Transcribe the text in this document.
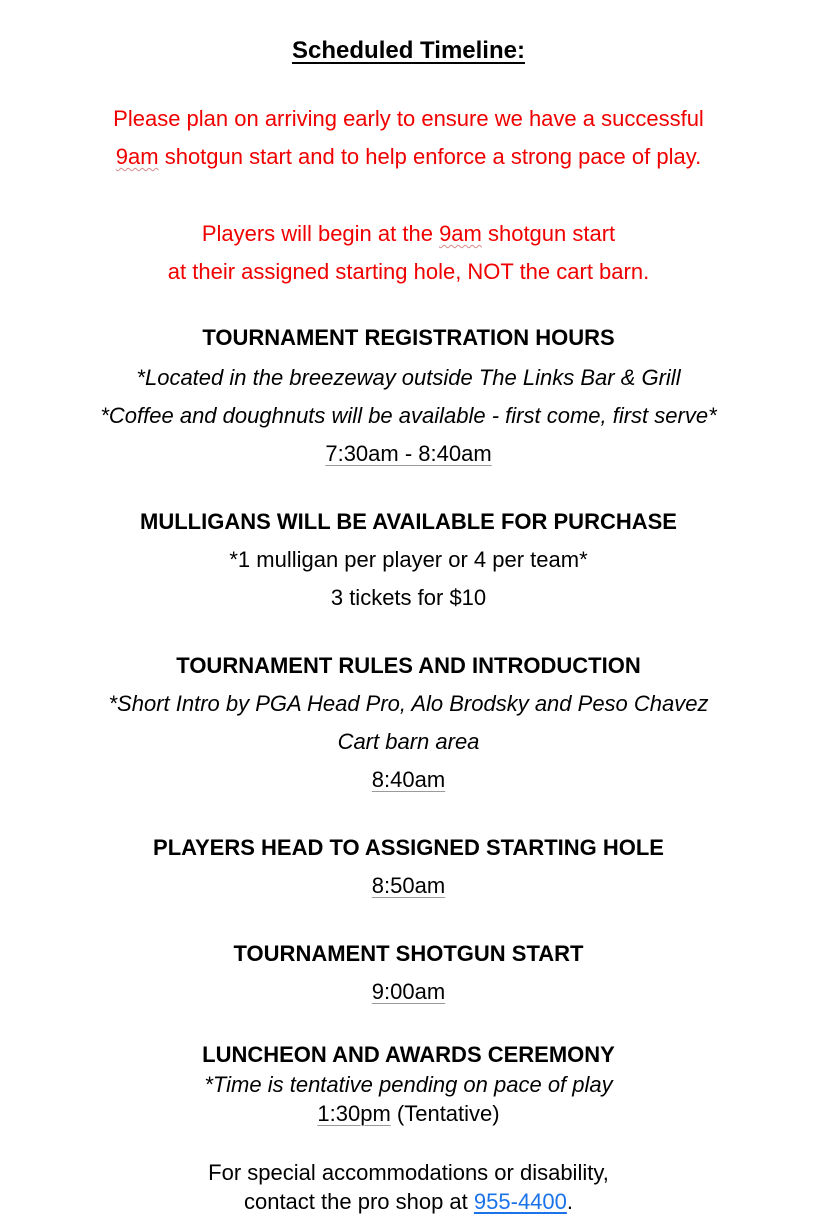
Scheduled Timeline:
Please plan on arriving early to ensure we have a successful
9am shotgun start and to help enforce a strong pace of play.
Players will begin at the 9am shotgun start
at their assigned starting hole, NOT the cart barn.
TOURNAMENT REGISTRATION HOURS
*Located in the breezeway outside The Links Bar & Grill
*Coffee and doughnuts will be available - first come, first serve*
7:30am - 8:40am
MULLIGANS WILL BE AVAILABLE FOR PURCHASE
*1 mulligan per player or 4 per team*
3 tickets for $10
TOURNAMENT RULES AND INTRODUCTION
*Short Intro by PGA Head Pro, Alo Brodsky and Peso Chavez
Cart barn area
8:40am
PLAYERS HEAD TO ASSIGNED STARTING HOLE
8:50am
TOURNAMENT SHOTGUN START
9:00am
LUNCHEON AND AWARDS CEREMONY
*Time is tentative pending on pace of play
1:30pm (Tentative)
For special accommodations or disability,
contact the pro shop at 955-4400.
